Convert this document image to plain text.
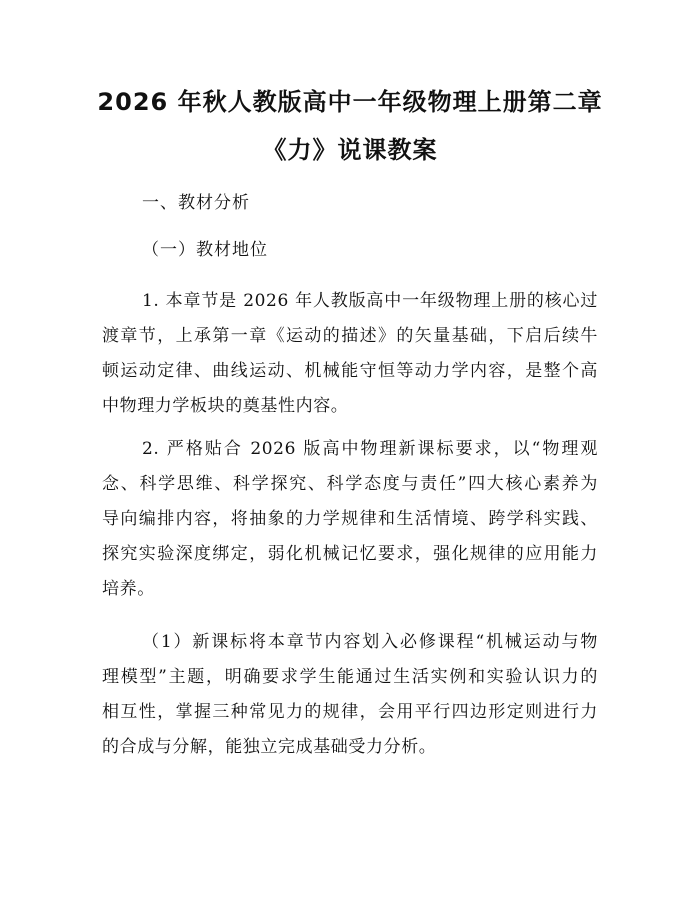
2026 年秋人教版高中一年级物理上册第二章
《力》说课教案
一、教材分析
（一）教材地位
1. 本章节是 2026 年人教版高中一年级物理上册的核心过
渡章节，上承第一章《运动的描述》的矢量基础，下启后续牛
顿运动定律、曲线运动、机械能守恒等动力学内容，是整个高
中物理力学板块的奠基性内容。
2. 严格贴合 2026 版高中物理新课标要求，以“物理观
念、科学思维、科学探究、科学态度与责任”四大核心素养为
导向编排内容，将抽象的力学规律和生活情境、跨学科实践、
探究实验深度绑定，弱化机械记忆要求，强化规律的应用能力
培养。
（1）新课标将本章节内容划入必修课程“机械运动与物
理模型”主题，明确要求学生能通过生活实例和实验认识力的
相互性，掌握三种常见力的规律，会用平行四边形定则进行力
的合成与分解，能独立完成基础受力分析。
